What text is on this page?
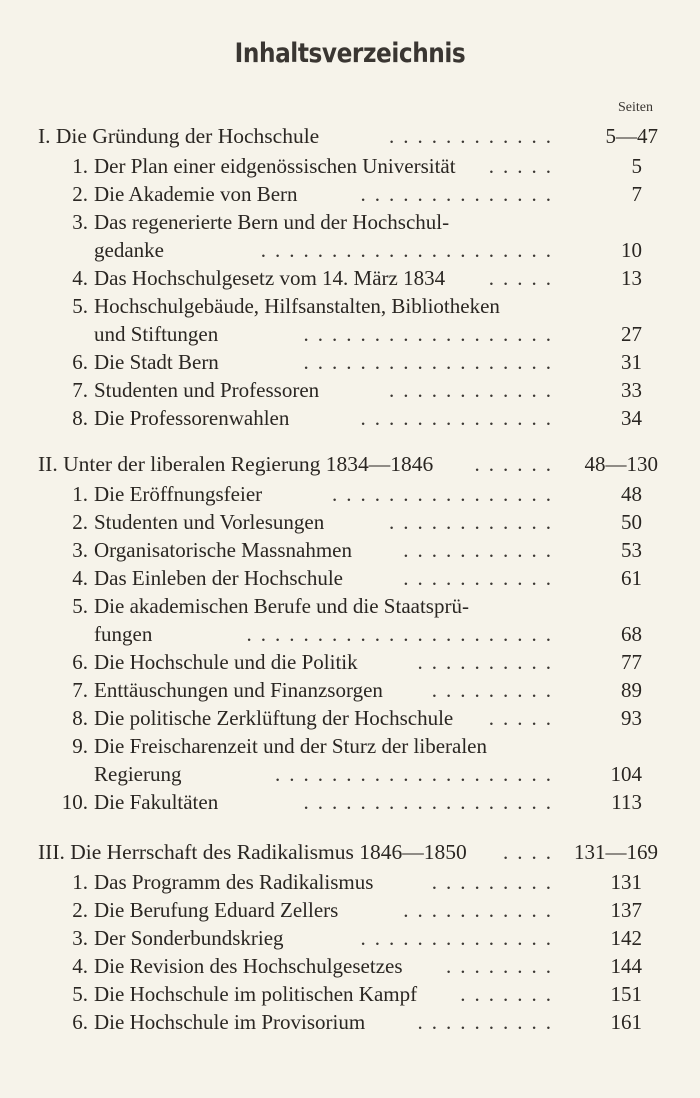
Inhaltsverzeichnis
Seiten
I. Die Gründung der Hochschule	............ 5—47
1. Der Plan einer eidgenössischen Universität	.....	5
2. Die Akademie von Bern	..............	7
3. Das regenerierte Bern und der Hochschul-
gedanke	.....................	10
4. Das Hochschulgesetz vom 14. März 1834	.....	13
5. Hochschulgebäude, Hilfsanstalten, Bibliotheken
und Stiftungen	..................	27
6. Die Stadt Bern	..................	31
7. Studenten und Professoren	............	33
8. Die Professorenwahlen	..............	34
II. Unter der liberalen Regierung 1834—1846	...... 48—130
1. Die Eröffnungsfeier	................	48
2. Studenten und Vorlesungen	............	50
3. Organisatorische Massnahmen	...........	53
4. Das Einleben der Hochschule	...........	61
5. Die akademischen Berufe und die Staatsprü-
fungen	......................	68
6. Die Hochschule und die Politik	..........	77
7. Enttäuschungen und Finanzsorgen	.........	89
8. Die politische Zerklüftung der Hochschule	.....	93
9. Die Freischarenzeit und der Sturz der liberalen
Regierung	.................... 104
10. Die Fakultäten	.................. 113
III. Die Herrschaft des Radikalismus 1846—1850	.... 131—169
1. Das Programm des Radikalismus	......... 131
2. Die Berufung Eduard Zellers	........... 137
3. Der Sonderbundskrieg	.............. 142
4. Die Revision des Hochschulgesetzes	........ 144
5. Die Hochschule im politischen Kampf	....... 151
6. Die Hochschule im Provisorium	.......... 161
